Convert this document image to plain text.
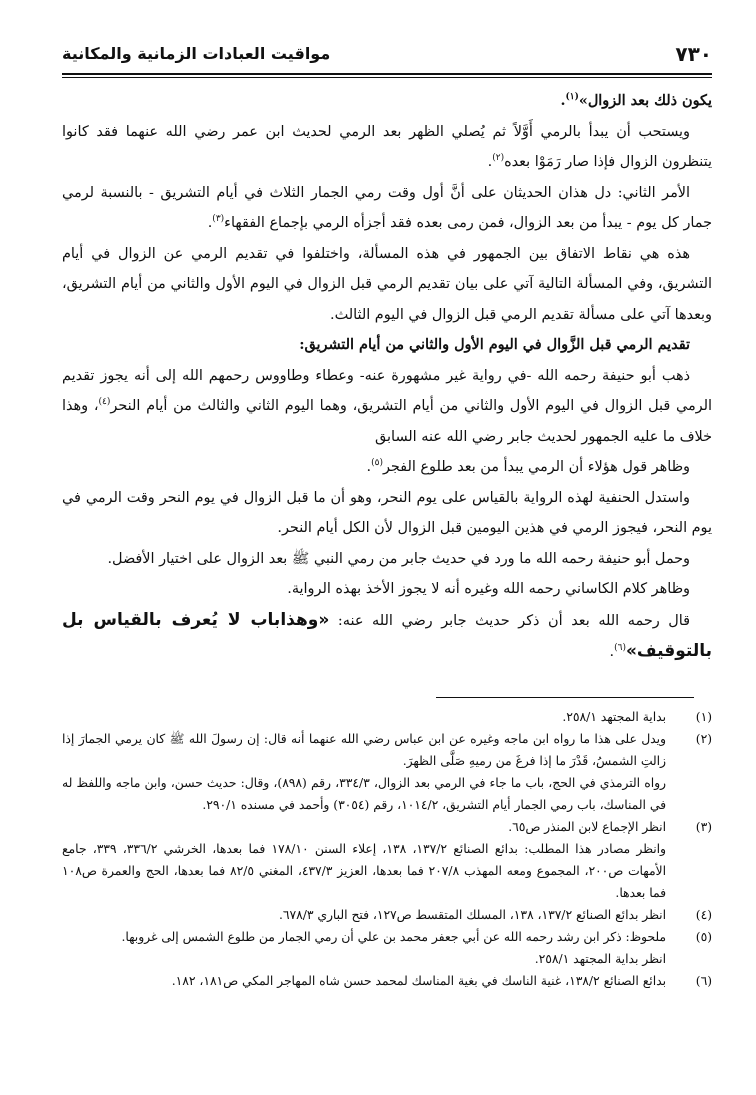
٧٣٠
مواقيت العبادات الزمانية والمكانية

يكون ذلك بعد الزوال»$^{(١)}$.

ويستحب أن يبدأ بالرمي أَوَّلاً ثم يُصلي الظهر بعد الرمي لحديث ابن عمر رضي الله عنهما فقد كانوا يتنظرون الزوال فإذا صار رَمَوْا بعده$^{(٢)}$.

الأمر الثاني: دل هذان الحديثان على أنَّ أول وقت رمي الجمار الثلاث في أيام التشريق - بالنسبة لرمي جمار كل يوم - يبدأ من بعد الزوال، فمن رمى بعده فقد أجزأه الرمي بإجماع الفقهاء$^{(٣)}$.

هذه هي نقاط الاتفاق بين الجمهور في هذه المسألة، واختلفوا في تقديم الرمي عن الزوال في أيام التشريق، وفي المسألة التالية آتي على بيان تقديم الرمي قبل الزوال في اليوم الأول والثاني من أيام التشريق، وبعدها آتي على مسألة تقديم الرمي قبل الزوال في اليوم الثالث.

تقديم الرمي قبل الزَّوال في اليوم الأول والثاني من أيام التشريق:

ذهب أبو حنيفة رحمه الله -في رواية غير مشهورة عنه- وعطاء وطاووس رحمهم الله إلى أنه يجوز تقديم الرمي قبل الزوال في اليوم الأول والثاني من أيام التشريق، وهما اليوم الثاني والثالث من أيام النحر$^{(٤)}$، وهذا خلاف ما عليه الجمهور لحديث جابر رضي الله عنه السابق

وظاهر قول هؤلاء أن الرمي يبدأ من بعد طلوع الفجر$^{(٥)}$.

واستدل الحنفية لهذه الرواية بالقياس على يوم النحر، وهو أن ما قبل الزوال في يوم النحر وقت الرمي في يوم النحر، فيجوز الرمي في هذين اليومين قبل الزوال لأن الكل أيام النحر.

وحمل أبو حنيفة رحمه الله ما ورد في حديث جابر من رمي النبي ﷺ بعد الزوال على اختيار الأفضل.

وظاهر كلام الكاساني رحمه الله وغيره أنه لا يجوز الأخذ بهذه الرواية.

قال رحمه الله بعد أن ذكر حديث جابر رضي الله عنه: «وهذاباب لا يُعرف بالقياس بل بالتوقيف»$^{(٦)}$.

(١)

بداية المجتهد ٢٥٨/١.

(٢)

ويدل على هذا ما رواه ابن ماجه وغيره عن ابن عباس رضي الله عنهما أنه قال: إن رسولَ الله ﷺ كان يرمي الجمارَ إذا زالتِ الشمسُ، قَدْرَ ما إذا فرغَ من رميهِ صَلَّى الظهرَ.

رواه الترمذي في الحج، باب ما جاء في الرمي بعد الزوال، ٣٣٤/٣، رقم (٨٩٨)، وقال: حديث حسن، وابن ماجه واللفظ له في المناسك، باب رمي الجمار أيام التشريق، ١٠١٤/٢، رقم (٣٠٥٤) وأحمد في مسنده ٢٩٠/١.

(٣)

انظر الإجماع لابن المنذر ص٦٥.

وانظر مصادر هذا المطلب: بدائع الصنائع ١٣٧/٢، ١٣٨، إعلاء السنن ١٧٨/١٠ فما بعدها، الخرشي ٣٣٦/٢، ٣٣٩، جامع الأمهات ص٢٠٠، المجموع ومعه المهذب ٢٠٧/٨ فما بعدها، العزيز ٤٣٧/٣، المغني ٨٢/٥ فما بعدها، الحج والعمرة ص١٠٨ فما بعدها.

(٤)

انظر بدائع الصنائع ١٣٧/٢، ١٣٨، المسلك المتقسط ص١٢٧، فتح الباري ٦٧٨/٣.

(٥)

ملحوظ: ذكر ابن رشد رحمه الله عن أبي جعفر محمد بن علي أن رمي الجمار من طلوع الشمس إلى غروبها.

انظر بداية المجتهد ٢٥٨/١.

(٦)

بدائع الصنائع ١٣٨/٢، غنية الناسك في بغية المناسك لمحمد حسن شاه المهاجر المكي ص١٨١، ١٨٢.
